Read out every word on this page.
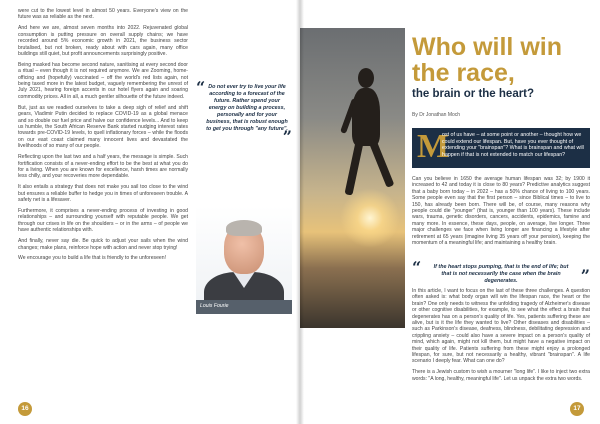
were cut to the lowest level in almost 50 years. Everyone's view on the future was as reliable as the next.

And here we are, almost seven months into 2022. Rejuvenated global consumption is putting pressure on overall supply chains; we have recorded around 5% economic growth in 2021, the business sector brutalised, but not broken, ready about with cars again, many office buildings still quiet, but profit announcements surprisingly positive.

Being masked has become second nature, sanitising at every second door a ritual – even though it is not required anymore. We are Zooming, home-officing and (hopefully) vaccinated – off the world's red lists again, not being taxed more in the latest budget, vaguely remembering the unrest of July 2021, hearing foreign accents in our hotel flyers again and soaring commodity prices. All in all, a much gentler silhouette of the future indeed.

But, just as we readied ourselves to take a deep sigh of relief and shift gears, Vladimir Putin decided to replace COVID-19 as a global menace and so double our fuel price and halve our confidence levels... And to keep us humble, the South African Reserve Bank started nudging interest rates towards pre-COVID-19 levels, to quell inflationary forces – while the floods on our east coast claimed many innocent lives and devastated the livelihoods of so many of our people.

Reflecting upon the last two and a half years, the message is simple. Such fortification consists of a never-ending effort to be the best at what you do for a living. When you are known for excellence, harsh times are normally less chilly, and your recoveries more dependable.

It also entails a strategy that does not make you sail too close to the wind but ensures a reliable buffer to hedge you in times of unforeseen trouble. A safety net is a lifesaver.

Furthermore, it comprises a never-ending process of investing in good relationships – and surrounding yourself with reputable people. We get through our crises in life on the shoulders – or in the arms – of people we have authentic relationships with.

And finally, never say die. Be quick to adjust your sails when the wind changes; make plans, reinforce hope with action and never stop trying!

We encourage you to build a life that is friendly to the unforeseen!

“ Do not ever try to live your life according to a forecast of the future. Rather spend your energy on building a process, personally and for your business, that is robust enough to get you through "any future".
”
Louis Fourie
16
Who will win the race,
the brain or the heart?
By Dr Jonathan Moch
M
ost of us have – at some point or another – thought how we could extend our lifespan. But, have you ever thought of extending your "brainspan"? What is brainspan and what will happen if that is not extended to match our lifespan?

Can you believe in 1650 the average human lifespan was 32; by 1900 it increased to 42 and today it is close to 80 years? Predictive analytics suggest that a baby born today – in 2022 – has a 50% chance of living to 100 years. Some people even say that the first person – since Biblical times – to live to 150, has already been born. There will be, of course, many reasons why people could die "younger" (that is, younger than 100 years). These include wars, trauma, genetic disorders, cancers, accidents, epidemics, famine and many more. In essence, these days, people, on average, live longer. Three major challenges we face when living longer are financing a lifestyle after retirement at 65 years (imagine living 35 years off your pension), keeping the momentum of a meaningful life; and maintaining a healthy brain.

“	If the heart stops pumping, that is the end of life; but that is not necessarily the case when the brain degenerates.	”

In this article, I want to focus on the last of these three challenges. A question often asked is: what body organ will win the lifespan race, the heart or the brain? One only needs to witness the unfolding tragedy of Alzheimer's disease or other cognitive disabilities, for example, to see what the effect a brain that degenerates has on a person's quality of life. Yes, patients suffering these are alive, but is it the life they wanted to live? Other diseases and disabilities – such as Parkinson's disease, deafness, blindness, debilitating depression and crippling anxiety – could also have a severe impact on a person's quality of mind, which again, might not kill them, but might have a negative impact on their quality of life. Patients suffering from these might enjoy a prolonged lifespan, for sure, but not necessarily a healthy, vibrant "brainspan". A life scenario I deeply fear. What can one do?

There is a Jewish custom to wish a mourner "long life". I like to inject two extra words: "A long, healthy, meaningful life". Let us unpack the extra two words.

17
